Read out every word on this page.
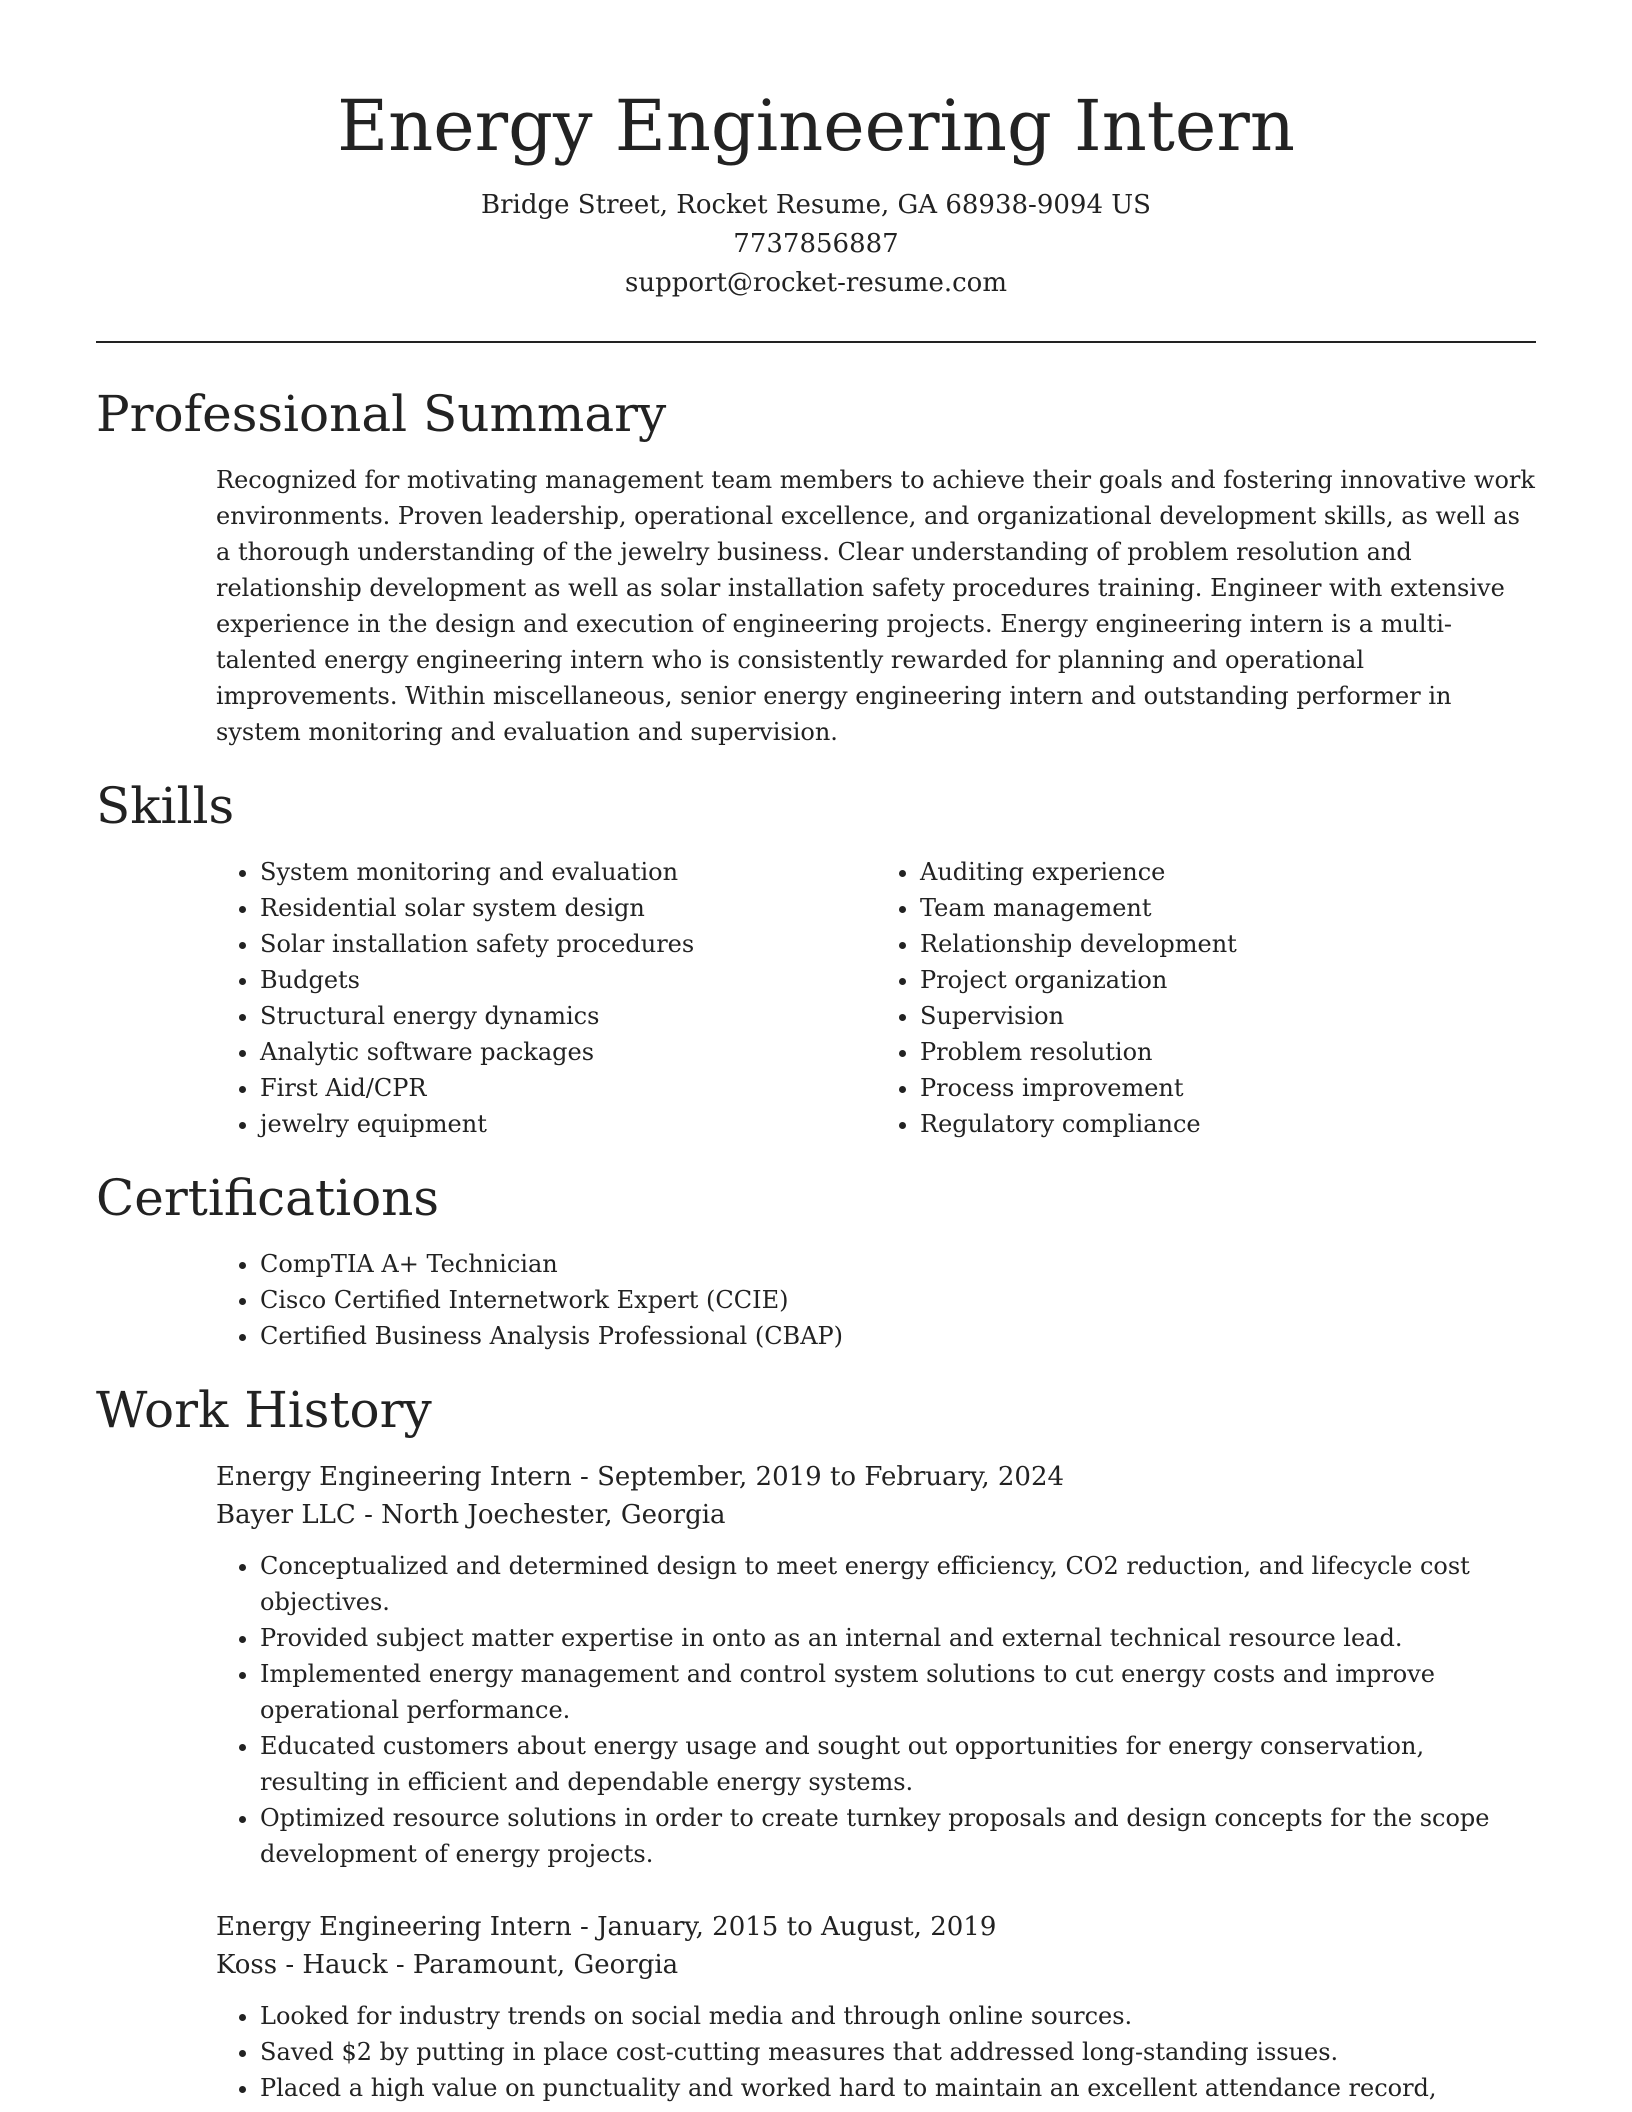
Energy Engineering Intern
Bridge Street, Rocket Resume, GA 68938-9094 US
7737856887
support@rocket-resume.com
Professional Summary

Recognized for motivating management team members to achieve their goals and fostering innovative work environments. Proven leadership, operational excellence, and organizational development skills, as well as a thorough understanding of the jewelry business. Clear understanding of problem resolution and relationship development as well as solar installation safety procedures training. Engineer with extensive experience in the design and execution of engineering projects. Energy engineering intern is a multi-talented energy engineering intern who is consistently rewarded for planning and operational improvements. Within miscellaneous, senior energy engineering intern and outstanding performer in system monitoring and evaluation and supervision.

Skills
• System monitoring and evaluation
• Residential solar system design
• Solar installation safety procedures
• Budgets
• Structural energy dynamics
• Analytic software packages
• First Aid/CPR
• jewelry equipment
• Auditing experience
• Team management
• Relationship development
• Project organization
• Supervision
• Problem resolution
• Process improvement
• Regulatory compliance
Certifications
• CompTIA A+ Technician
• Cisco Certified Internetwork Expert (CCIE)
• Certified Business Analysis Professional (CBAP)
Work History
Energy Engineering Intern - September, 2019 to February, 2024
Bayer LLC - North Joechester, Georgia
• Conceptualized and determined design to meet energy efficiency, CO2 reduction, and lifecycle cost objectives.
• Provided subject matter expertise in onto as an internal and external technical resource lead.
• Implemented energy management and control system solutions to cut energy costs and improve operational performance.
• Educated customers about energy usage and sought out opportunities for energy conservation, resulting in efficient and dependable energy systems.
• Optimized resource solutions in order to create turnkey proposals and design concepts for the scope development of energy projects.
Energy Engineering Intern - January, 2015 to August, 2019
Koss - Hauck - Paramount, Georgia
• Looked for industry trends on social media and through online sources.
• Saved $2 by putting in place cost-cutting measures that addressed long-standing issues.
• Placed a high value on punctuality and worked hard to maintain an excellent attendance record,
